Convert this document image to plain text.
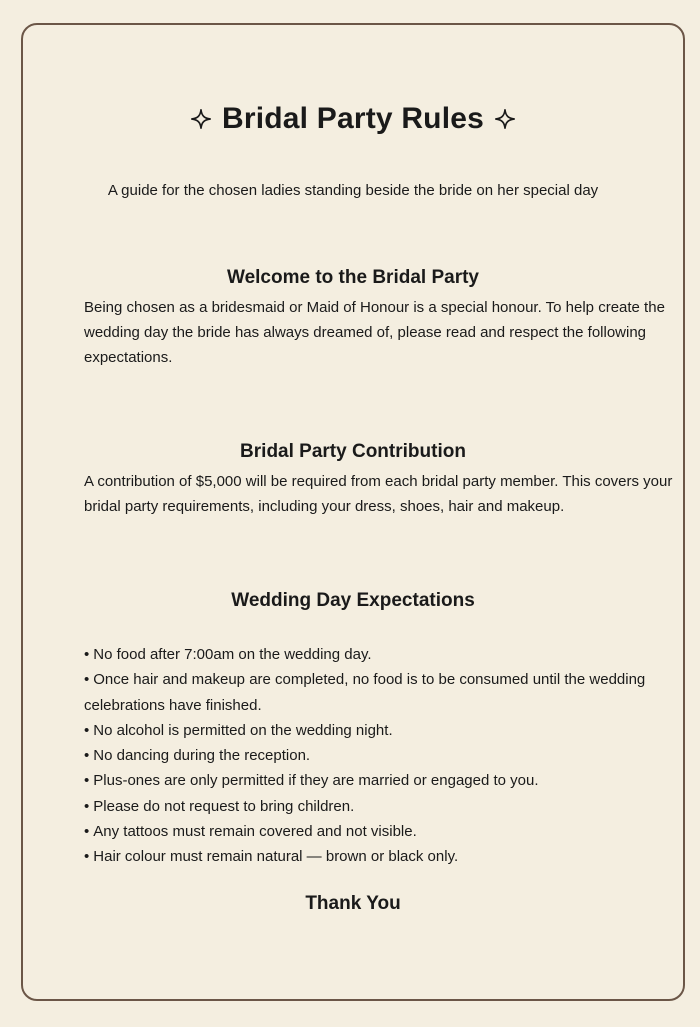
Bridal Party Rules
A guide for the chosen ladies standing beside the bride on her special day
Welcome to the Bridal Party

Being chosen as a bridesmaid or Maid of Honour is a special honour. To help create the wedding day the bride has always dreamed of, please read and respect the following expectations.

Bridal Party Contribution

A contribution of $5,000 will be required from each bridal party member. This covers your bridal party requirements, including your dress, shoes, hair and makeup.

Wedding Day Expectations
• No food after 7:00am on the wedding day.
• Once hair and makeup are completed, no food is to be consumed until the wedding celebrations have finished.
• No alcohol is permitted on the wedding night.
• No dancing during the reception.
• Plus-ones are only permitted if they are married or engaged to you.
• Please do not request to bring children.
• Any tattoos must remain covered and not visible.
• Hair colour must remain natural — brown or black only.
Thank You
